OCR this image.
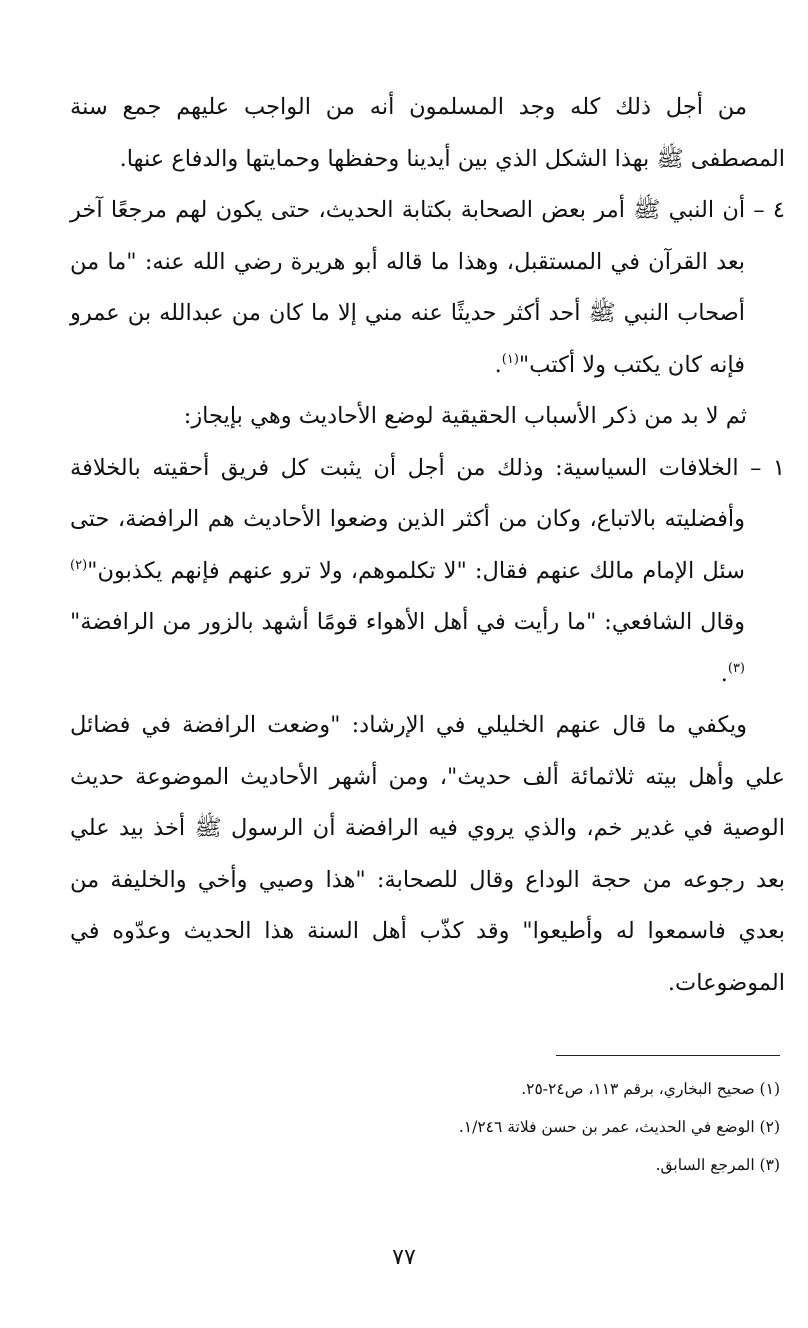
من أجل ذلك كله وجد المسلمون أنه من الواجب عليهم جمع سنة المصطفى ﷺ بهذا الشكل الذي بين أيدينا وحفظها وحمايتها والدفاع عنها.

٤ – أن النبي ﷺ أمر بعض الصحابة بكتابة الحديث، حتى يكون لهم مرجعًا آخر بعد القرآن في المستقبل، وهذا ما قاله أبو هريرة رضي الله عنه: "ما من أصحاب النبي ﷺ أحد أكثر حديثًا عنه مني إلا ما كان من عبدالله بن عمرو فإنه كان يكتب ولا أكتب"$^{(١)}$.

ثم لا بد من ذكر الأسباب الحقيقية لوضع الأحاديث وهي بإيجاز:

١ – الخلافات السياسية: وذلك من أجل أن يثبت كل فريق أحقيته بالخلافة وأفضليته بالاتباع، وكان من أكثر الذين وضعوا الأحاديث هم الرافضة، حتى سئل الإمام مالك عنهم فقال: "لا تكلموهم، ولا ترو عنهم فإنهم يكذبون"$^{(٢)}$ وقال الشافعي: "ما رأيت في أهل الأهواء قومًا أشهد بالزور من الرافضة"$^{(٣)}$.

ويكفي ما قال عنهم الخليلي في الإرشاد: "وضعت الرافضة في فضائل علي وأهل بيته ثلاثمائة ألف حديث"، ومن أشهر الأحاديث الموضوعة حديث الوصية في غدير خم، والذي يروي فيه الرافضة أن الرسول ﷺ أخذ بيد علي بعد رجوعه من حجة الوداع وقال للصحابة: "هذا وصيي وأخي والخليفة من بعدي فاسمعوا له وأطيعوا" وقد كذّب أهل السنة هذا الحديث وعدّوه في الموضوعات.

(١) صحيح البخاري، برقم ١١٣، ص٢٤-٢٥.

(٢) الوضع في الحديث، عمر بن حسن فلاتة ١/٢٤٦.

(٣) المرجع السابق.

٧٧
